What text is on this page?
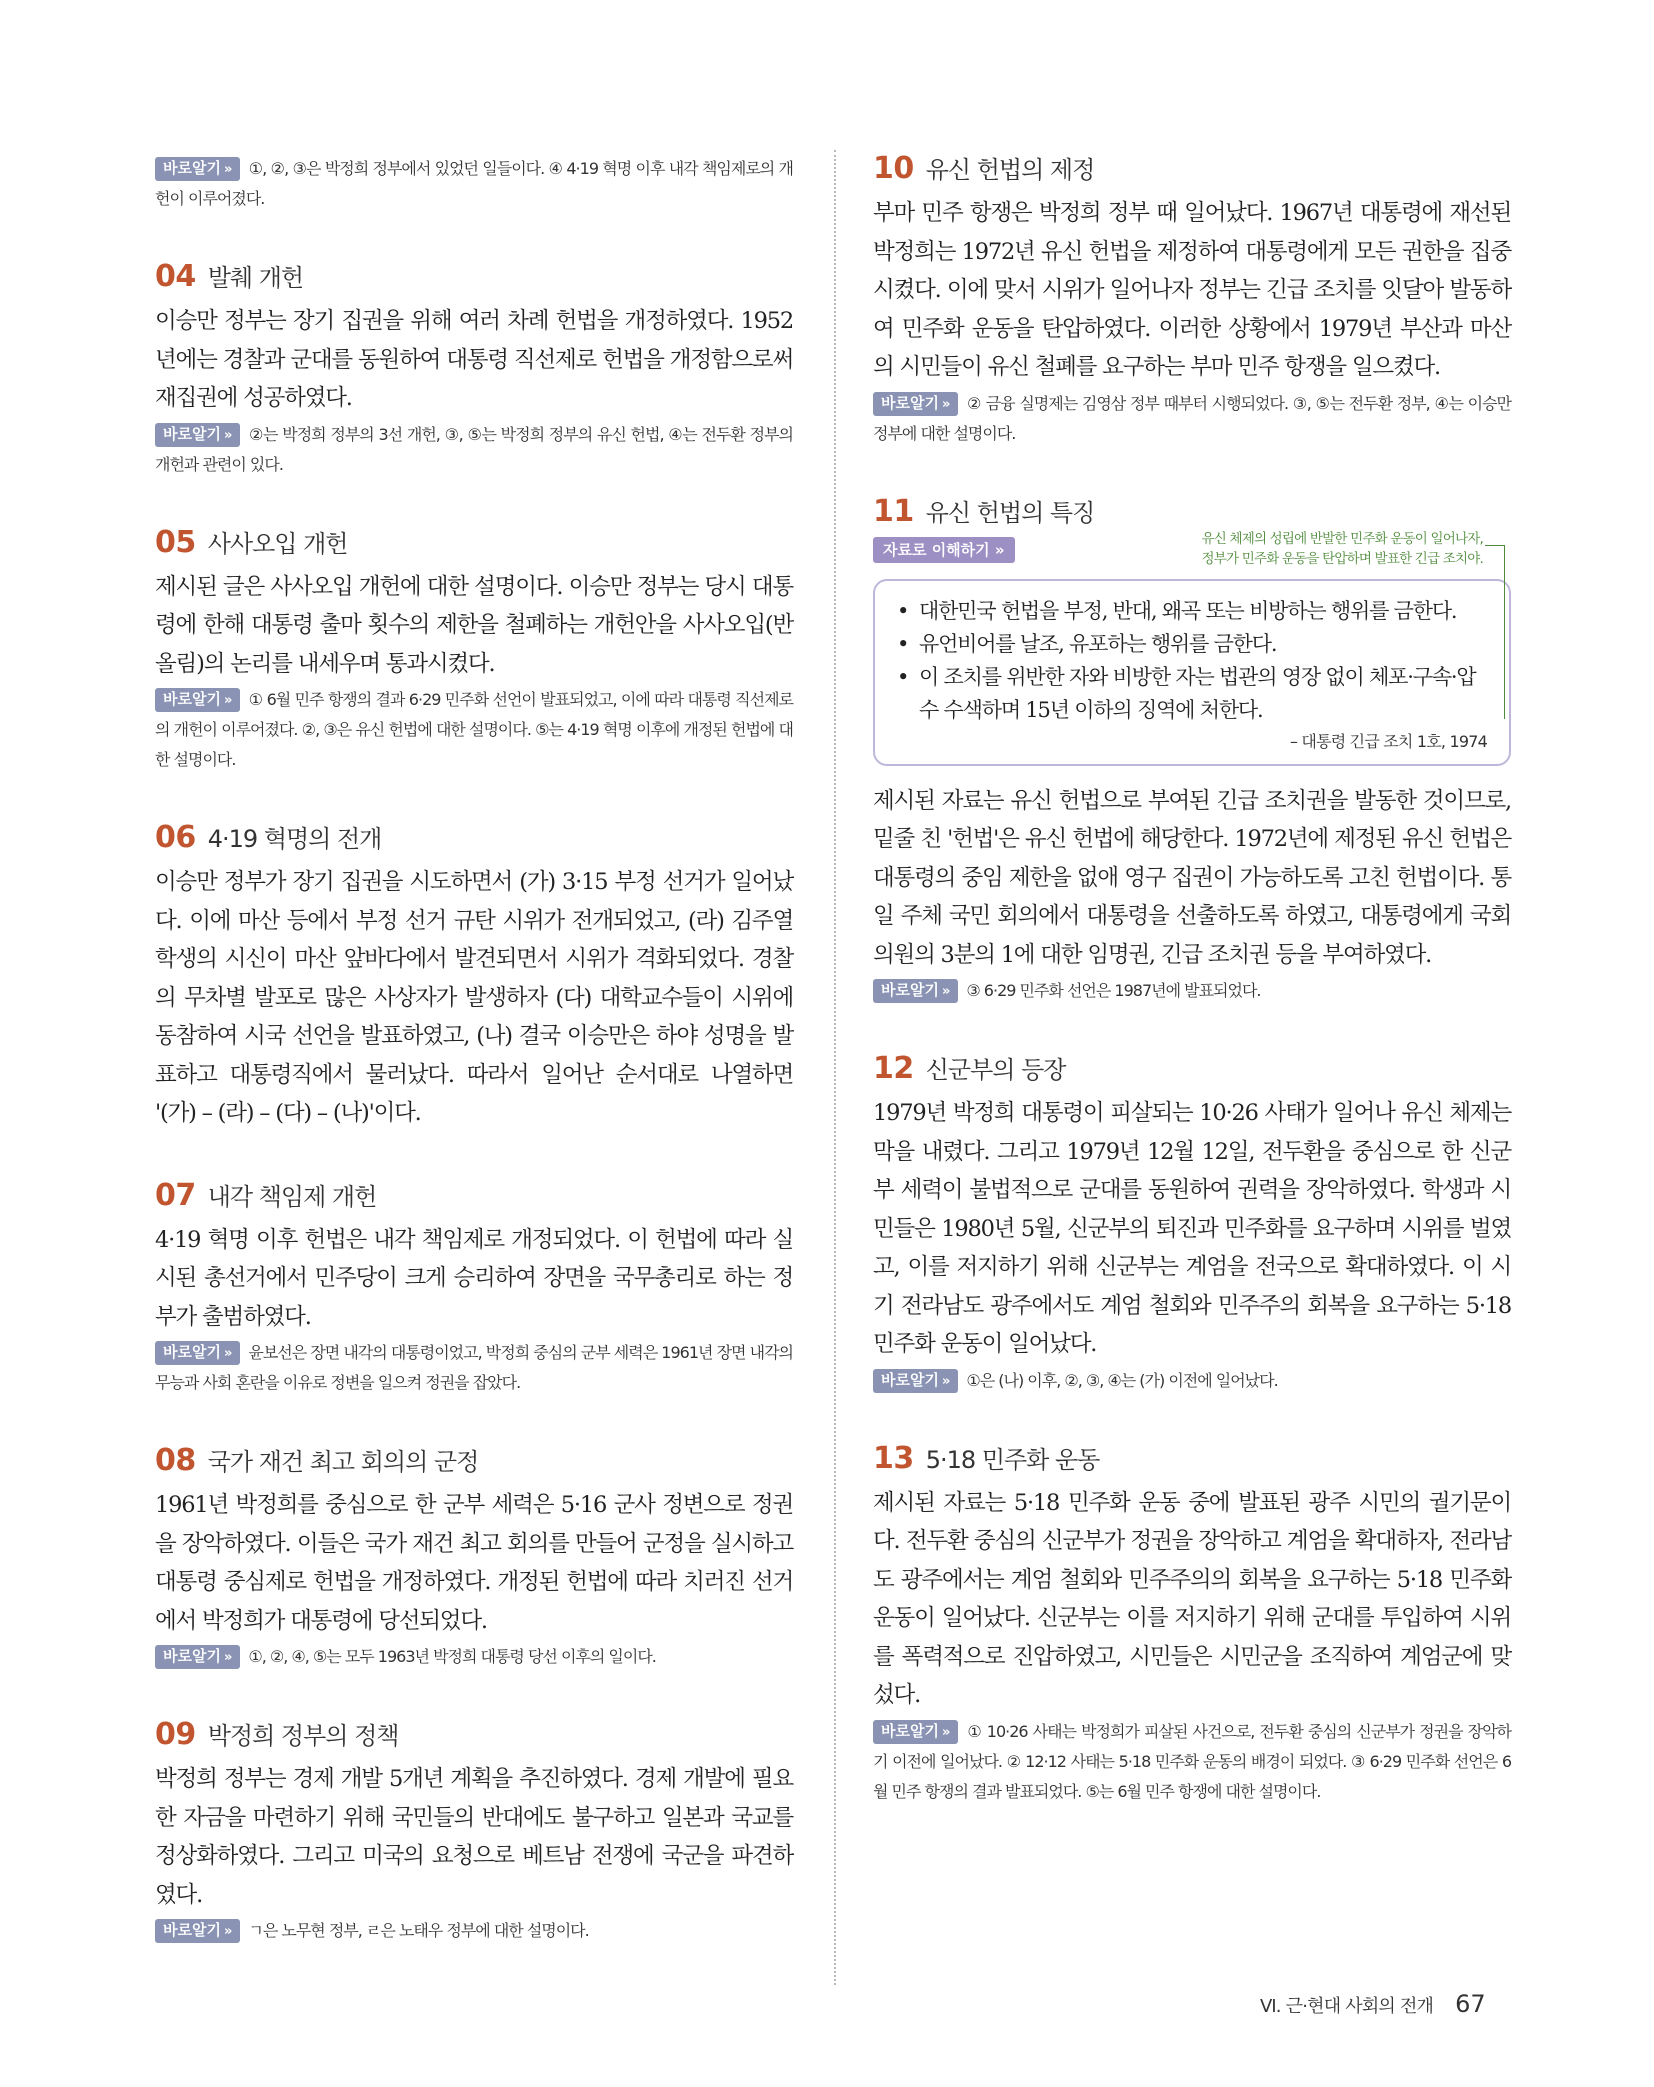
바로알기 » ①, ②, ③은 박정희 정부에서 있었던 일들이다. ④ 4·19 혁명 이후 내각 책임제로의 개헌이 이루어졌다.

04 발췌 개헌

이승만 정부는 장기 집권을 위해 여러 차례 헌법을 개정하였다. 1952년에는 경찰과 군대를 동원하여 대통령 직선제로 헌법을 개정함으로써 재집권에 성공하였다.

바로알기 » ②는 박정희 정부의 3선 개헌, ③, ⑤는 박정희 정부의 유신 헌법, ④는 전두환 정부의 개헌과 관련이 있다.

05 사사오입 개헌

제시된 글은 사사오입 개헌에 대한 설명이다. 이승만 정부는 당시 대통령에 한해 대통령 출마 횟수의 제한을 철폐하는 개헌안을 사사오입(반올림)의 논리를 내세우며 통과시켰다.

바로알기 » ① 6월 민주 항쟁의 결과 6·29 민주화 선언이 발표되었고, 이에 따라 대통령 직선제로의 개헌이 이루어졌다. ②, ③은 유신 헌법에 대한 설명이다. ⑤는 4·19 혁명 이후에 개정된 헌법에 대한 설명이다.

06 4·19 혁명의 전개

이승만 정부가 장기 집권을 시도하면서 (가) 3·15 부정 선거가 일어났다. 이에 마산 등에서 부정 선거 규탄 시위가 전개되었고, (라) 김주열 학생의 시신이 마산 앞바다에서 발견되면서 시위가 격화되었다. 경찰의 무차별 발포로 많은 사상자가 발생하자 (다) 대학교수들이 시위에 동참하여 시국 선언을 발표하였고, (나) 결국 이승만은 하야 성명을 발표하고 대통령직에서 물러났다. 따라서 일어난 순서대로 나열하면 '(가) – (라) – (다) – (나)'이다.

07 내각 책임제 개헌

4·19 혁명 이후 헌법은 내각 책임제로 개정되었다. 이 헌법에 따라 실시된 총선거에서 민주당이 크게 승리하여 장면을 국무총리로 하는 정부가 출범하였다.

바로알기 » 윤보선은 장면 내각의 대통령이었고, 박정희 중심의 군부 세력은 1961년 장면 내각의 무능과 사회 혼란을 이유로 정변을 일으켜 정권을 잡았다.

08 국가 재건 최고 회의의 군정

1961년 박정희를 중심으로 한 군부 세력은 5·16 군사 정변으로 정권을 장악하였다. 이들은 국가 재건 최고 회의를 만들어 군정을 실시하고 대통령 중심제로 헌법을 개정하였다. 개정된 헌법에 따라 치러진 선거에서 박정희가 대통령에 당선되었다.

바로알기 » ①, ②, ④, ⑤는 모두 1963년 박정희 대통령 당선 이후의 일이다.

09 박정희 정부의 정책

박정희 정부는 경제 개발 5개년 계획을 추진하였다. 경제 개발에 필요한 자금을 마련하기 위해 국민들의 반대에도 불구하고 일본과 국교를 정상화하였다. 그리고 미국의 요청으로 베트남 전쟁에 국군을 파견하였다.

바로알기 » ㄱ은 노무현 정부, ㄹ은 노태우 정부에 대한 설명이다.

10 유신 헌법의 제정

부마 민주 항쟁은 박정희 정부 때 일어났다. 1967년 대통령에 재선된 박정희는 1972년 유신 헌법을 제정하여 대통령에게 모든 권한을 집중시켰다. 이에 맞서 시위가 일어나자 정부는 긴급 조치를 잇달아 발동하여 민주화 운동을 탄압하였다. 이러한 상황에서 1979년 부산과 마산의 시민들이 유신 철폐를 요구하는 부마 민주 항쟁을 일으켰다.

바로알기 » ② 금융 실명제는 김영삼 정부 때부터 시행되었다. ③, ⑤는 전두환 정부, ④는 이승만 정부에 대한 설명이다.

11 유신 헌법의 특징
자료로 이해하기 »
유신 체제의 성립에 반발한 민주화 운동이 일어나자,
정부가 민주화 운동을 탄압하며 발표한 긴급 조치야.
• 대한민국 헌법을 부정, 반대, 왜곡 또는 비방하는 행위를 금한다.
• 유언비어를 날조, 유포하는 행위를 금한다.
• 이 조치를 위반한 자와 비방한 자는 법관의 영장 없이 체포·구속·압수 수색하며 15년 이하의 징역에 처한다.
– 대통령 긴급 조치 1호, 1974

제시된 자료는 유신 헌법으로 부여된 긴급 조치권을 발동한 것이므로, 밑줄 친 '헌법'은 유신 헌법에 해당한다. 1972년에 제정된 유신 헌법은 대통령의 중임 제한을 없애 영구 집권이 가능하도록 고친 헌법이다. 통일 주체 국민 회의에서 대통령을 선출하도록 하였고, 대통령에게 국회 의원의 3분의 1에 대한 임명권, 긴급 조치권 등을 부여하였다.

바로알기 » ③ 6·29 민주화 선언은 1987년에 발표되었다.

12 신군부의 등장

1979년 박정희 대통령이 피살되는 10·26 사태가 일어나 유신 체제는 막을 내렸다. 그리고 1979년 12월 12일, 전두환을 중심으로 한 신군부 세력이 불법적으로 군대를 동원하여 권력을 장악하였다. 학생과 시민들은 1980년 5월, 신군부의 퇴진과 민주화를 요구하며 시위를 벌였고, 이를 저지하기 위해 신군부는 계엄을 전국으로 확대하였다. 이 시기 전라남도 광주에서도 계엄 철회와 민주주의 회복을 요구하는 5·18 민주화 운동이 일어났다.

바로알기 » ①은 (나) 이후, ②, ③, ④는 (가) 이전에 일어났다.

13 5·18 민주화 운동

제시된 자료는 5·18 민주화 운동 중에 발표된 광주 시민의 궐기문이다. 전두환 중심의 신군부가 정권을 장악하고 계엄을 확대하자, 전라남도 광주에서는 계엄 철회와 민주주의의 회복을 요구하는 5·18 민주화 운동이 일어났다. 신군부는 이를 저지하기 위해 군대를 투입하여 시위를 폭력적으로 진압하였고, 시민들은 시민군을 조직하여 계엄군에 맞섰다.

바로알기 » ① 10·26 사태는 박정희가 피살된 사건으로, 전두환 중심의 신군부가 정권을 장악하기 이전에 일어났다. ② 12·12 사태는 5·18 민주화 운동의 배경이 되었다. ③ 6·29 민주화 선언은 6월 민주 항쟁의 결과 발표되었다. ⑤는 6월 민주 항쟁에 대한 설명이다.

Ⅵ. 근·현대 사회의 전개 67
